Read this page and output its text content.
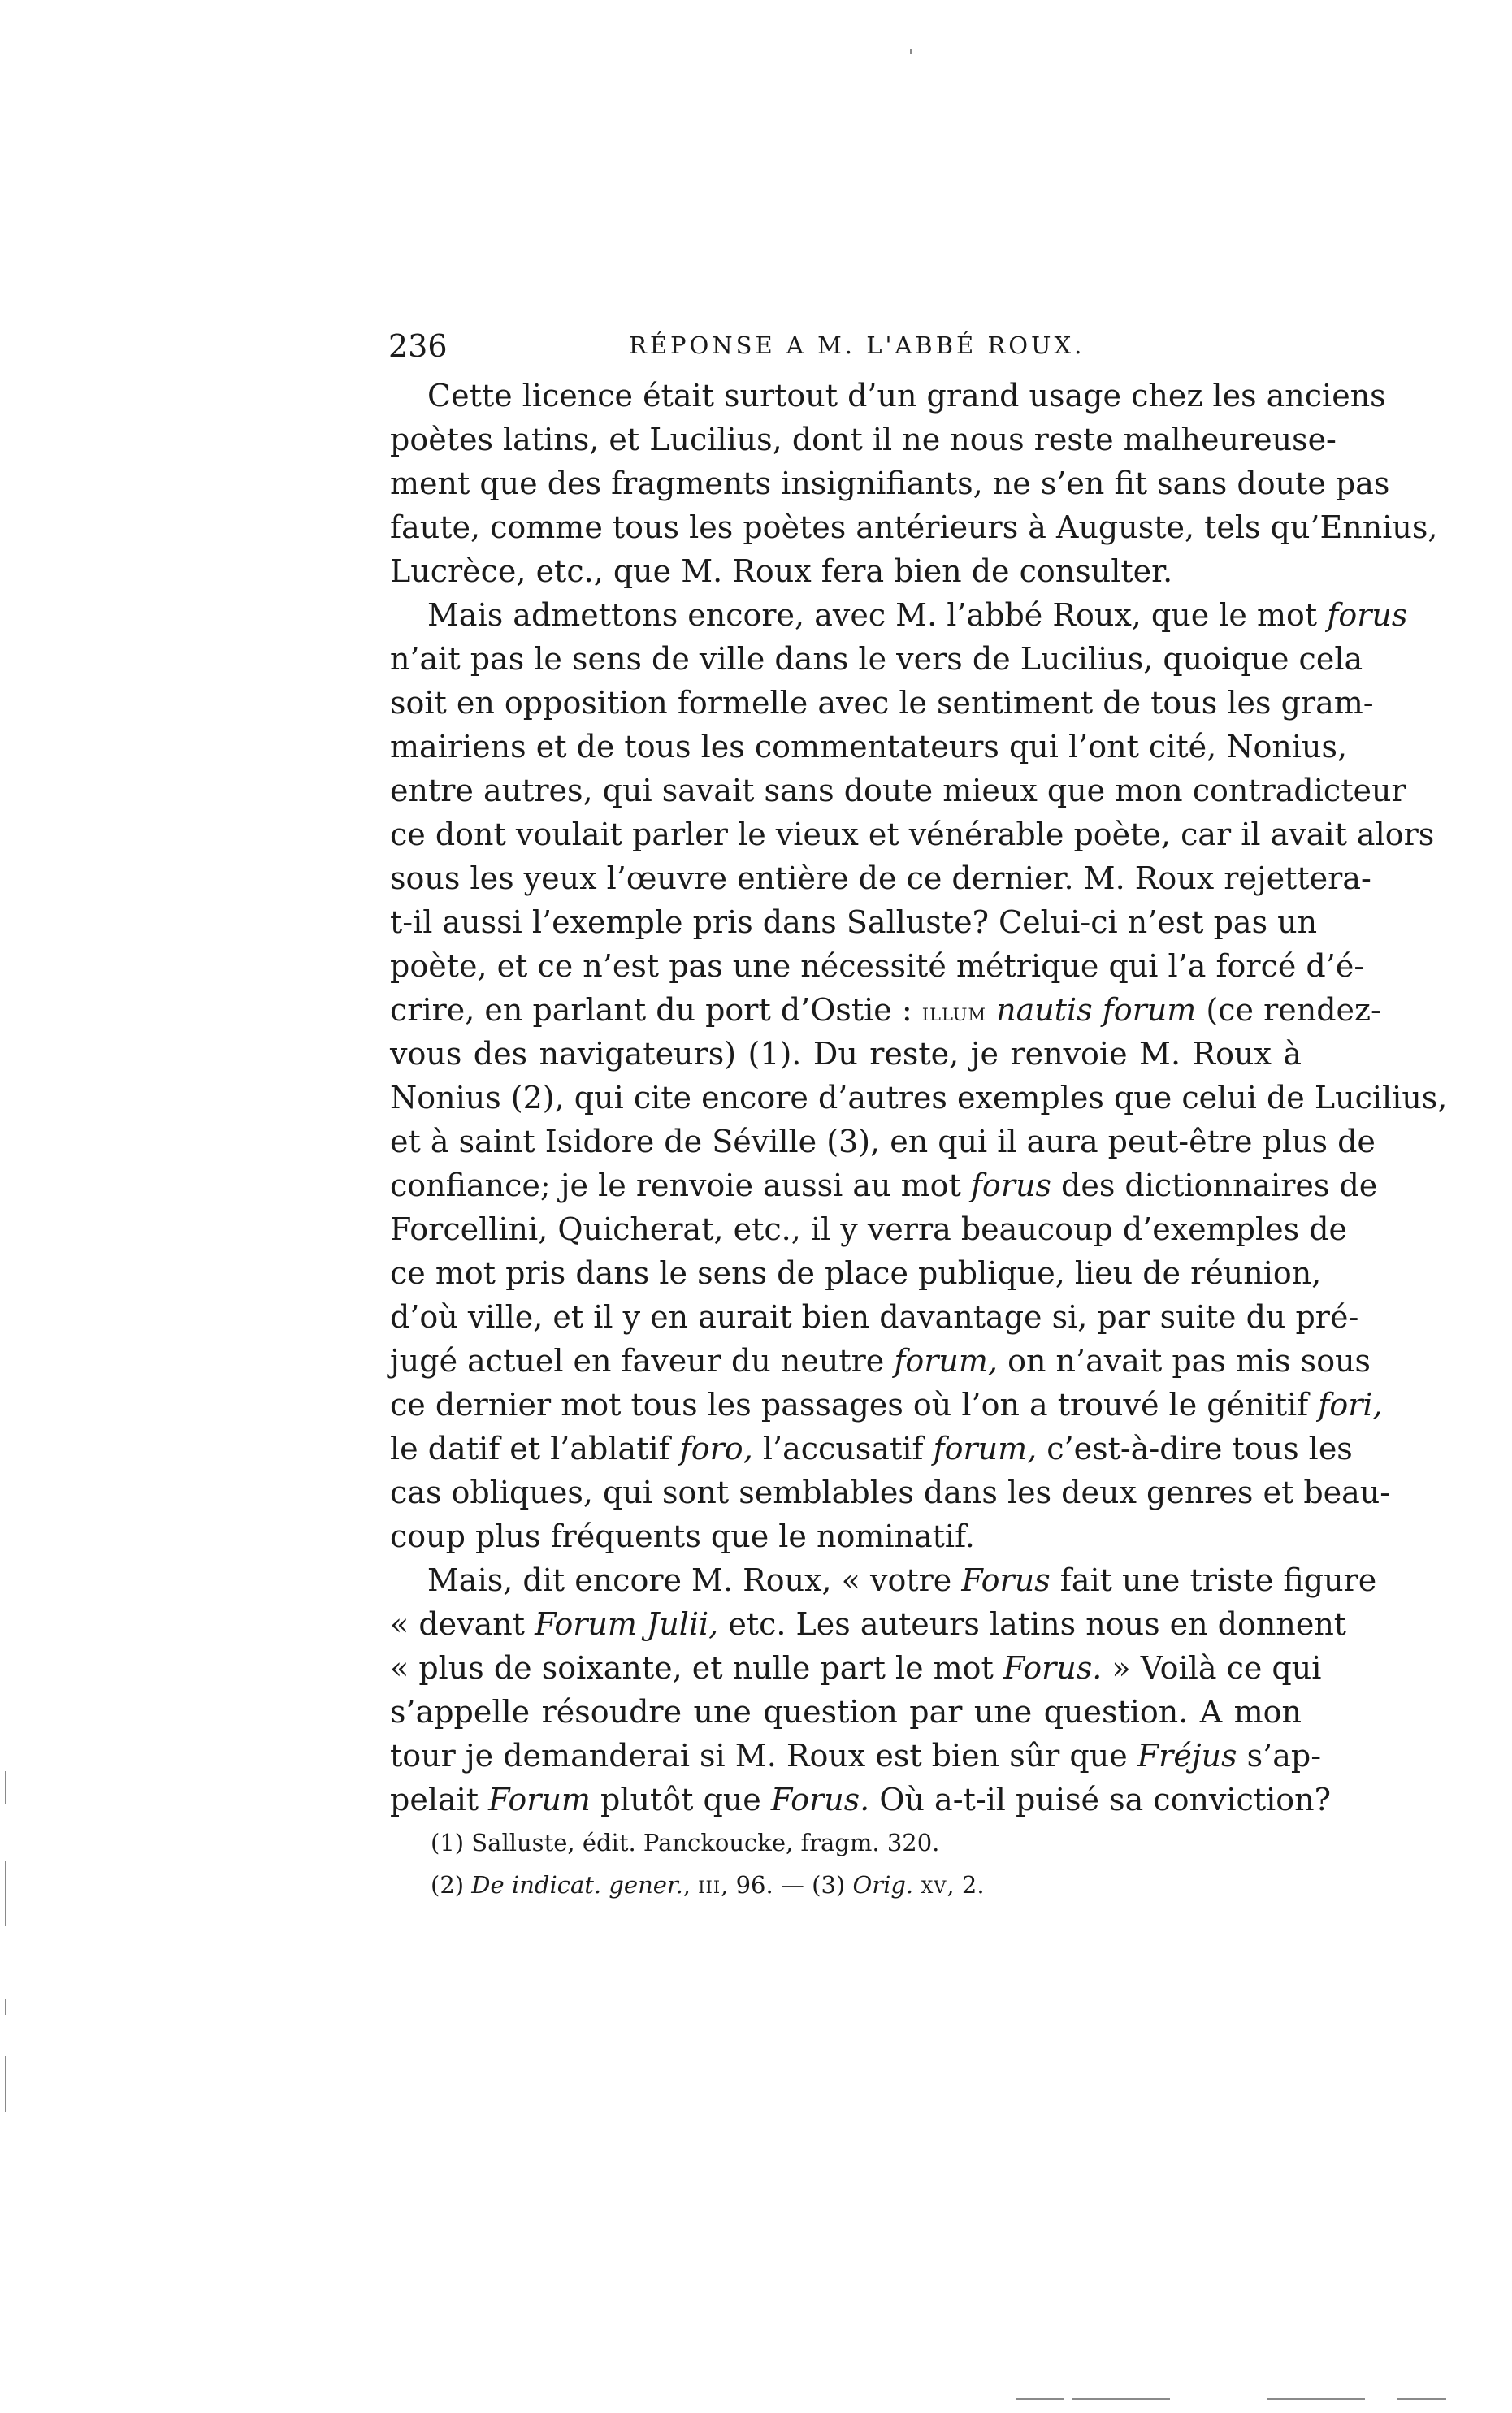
236	RÉPONSE A M. L'ABBÉ ROUX.
Cette licence était surtout d’un grand usage chez les anciens
poètes latins, et Lucilius, dont il ne nous reste malheureuse-
ment que des fragments insignifiants, ne s’en fit sans doute pas
faute, comme tous les poètes antérieurs à Auguste, tels qu’Ennius,
Lucrèce, etc., que M. Roux fera bien de consulter.
Mais admettons encore, avec M. l’abbé Roux, que le mot forus
n’ait pas le sens de ville dans le vers de Lucilius, quoique cela
soit en opposition formelle avec le sentiment de tous les gram-
mairiens et de tous les commentateurs qui l’ont cité, Nonius,
entre autres, qui savait sans doute mieux que mon contradicteur
ce dont voulait parler le vieux et vénérable poète, car il avait alors
sous les yeux l’œuvre entière de ce dernier. M. Roux rejettera-
t-il aussi l’exemple pris dans Salluste? Celui-ci n’est pas un
poète, et ce n’est pas une nécessité métrique qui l’a forcé d’é-
crire, en parlant du port d’Ostie : illum nautis forum (ce rendez-
vous des navigateurs) (1). Du reste, je renvoie M. Roux à
Nonius (2), qui cite encore d’autres exemples que celui de Lucilius,
et à saint Isidore de Séville (3), en qui il aura peut-être plus de
confiance; je le renvoie aussi au mot forus des dictionnaires de
Forcellini, Quicherat, etc., il y verra beaucoup d’exemples de
ce mot pris dans le sens de place publique, lieu de réunion,
d’où ville, et il y en aurait bien davantage si, par suite du pré-
jugé actuel en faveur du neutre forum, on n’avait pas mis sous
ce dernier mot tous les passages où l’on a trouvé le génitif fori,
le datif et l’ablatif foro, l’accusatif forum, c’est-à-dire tous les
cas obliques, qui sont semblables dans les deux genres et beau-
coup plus fréquents que le nominatif.
Mais, dit encore M. Roux, « votre Forus fait une triste figure
« devant Forum Julii, etc. Les auteurs latins nous en donnent
« plus de soixante, et nulle part le mot Forus. » Voilà ce qui
s’appelle résoudre une question par une question. A mon
tour je demanderai si M. Roux est bien sûr que Fréjus s’ap-
pelait Forum plutôt que Forus. Où a-t-il puisé sa conviction?
(1) Salluste, édit. Panckoucke, fragm. 320.
(2) De indicat. gener., iii, 96. — (3) Orig. xv, 2.
